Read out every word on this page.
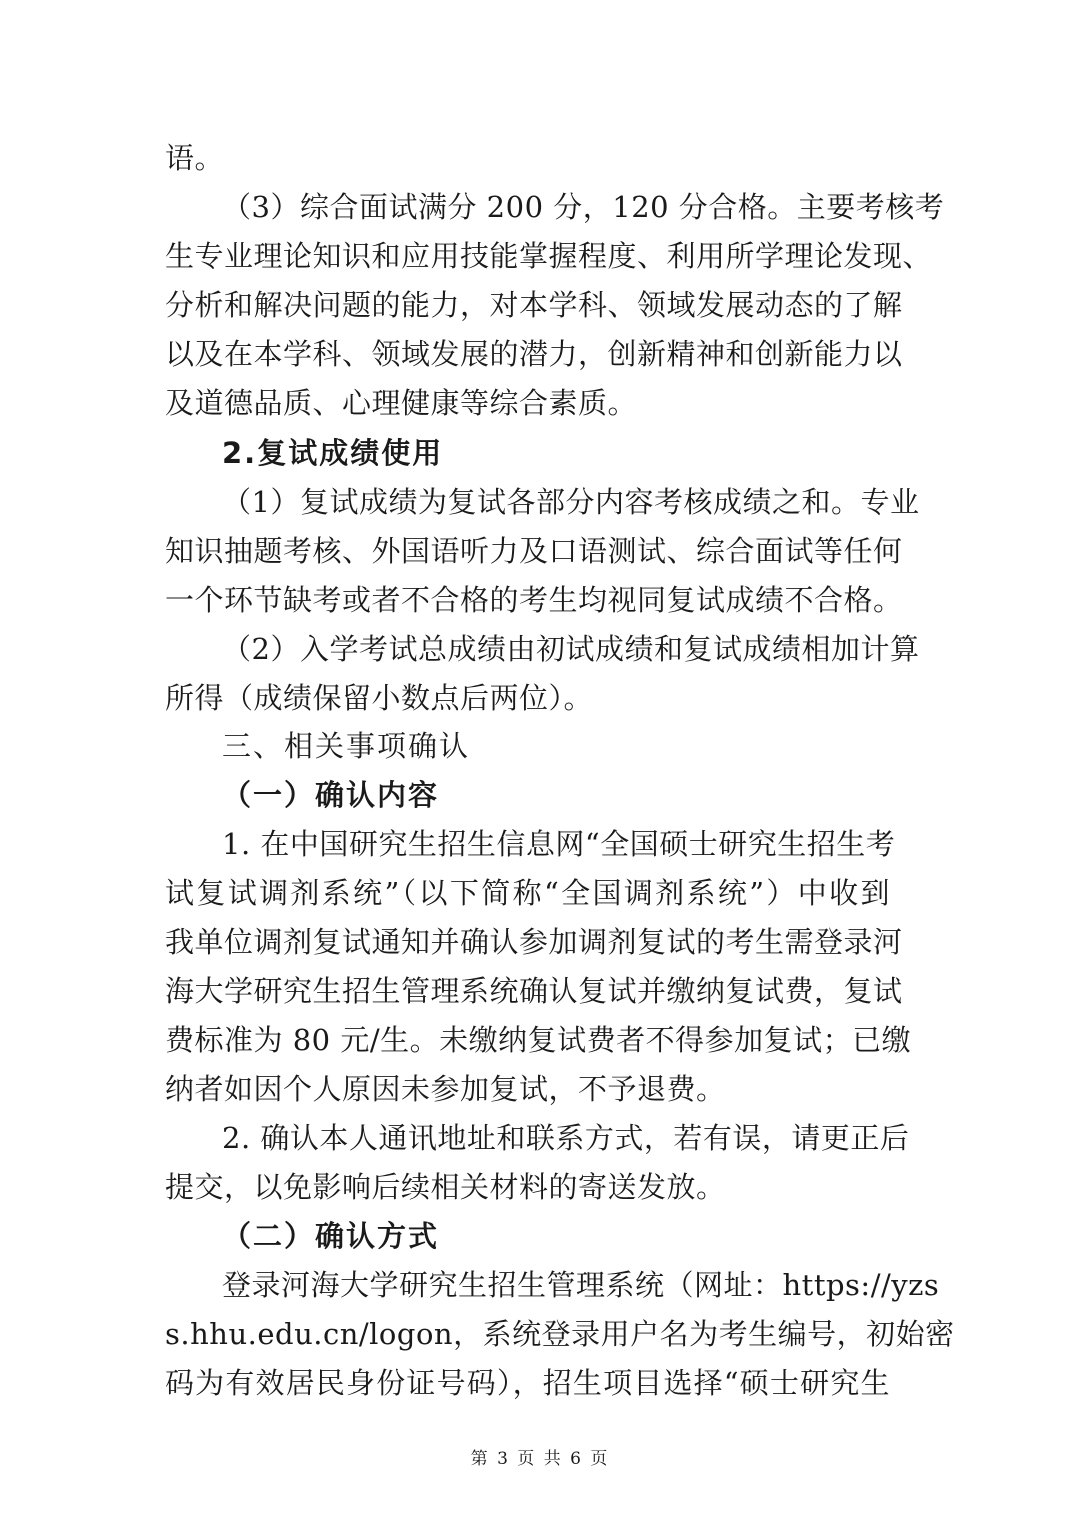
语。
（3）综合面试满分 200 分，120 分合格。主要考核考
生专业理论知识和应用技能掌握程度、利用所学理论发现、
分析和解决问题的能力，对本学科、领域发展动态的了解
以及在本学科、领域发展的潜力，创新精神和创新能力以
及道德品质、心理健康等综合素质。
2.复试成绩使用
（1）复试成绩为复试各部分内容考核成绩之和。专业
知识抽题考核、外国语听力及口语测试、综合面试等任何
一个环节缺考或者不合格的考生均视同复试成绩不合格。
（2）入学考试总成绩由初试成绩和复试成绩相加计算
所得（成绩保留小数点后两位）。
三、相关事项确认
（一）确认内容
1. 在中国研究生招生信息网“全国硕士研究生招生考
试复试调剂系统”（以下简称“全国调剂系统”）中收到
我单位调剂复试通知并确认参加调剂复试的考生需登录河
海大学研究生招生管理系统确认复试并缴纳复试费，复试
费标准为 80 元/生。未缴纳复试费者不得参加复试；已缴
纳者如因个人原因未参加复试，不予退费。
2. 确认本人通讯地址和联系方式，若有误，请更正后
提交，以免影响后续相关材料的寄送发放。
（二）确认方式
登录河海大学研究生招生管理系统（网址：https://yzs
s.hhu.edu.cn/logon，系统登录用户名为考生编号，初始密
码为有效居民身份证号码），招生项目选择“硕士研究生
第 3 页 共 6 页
